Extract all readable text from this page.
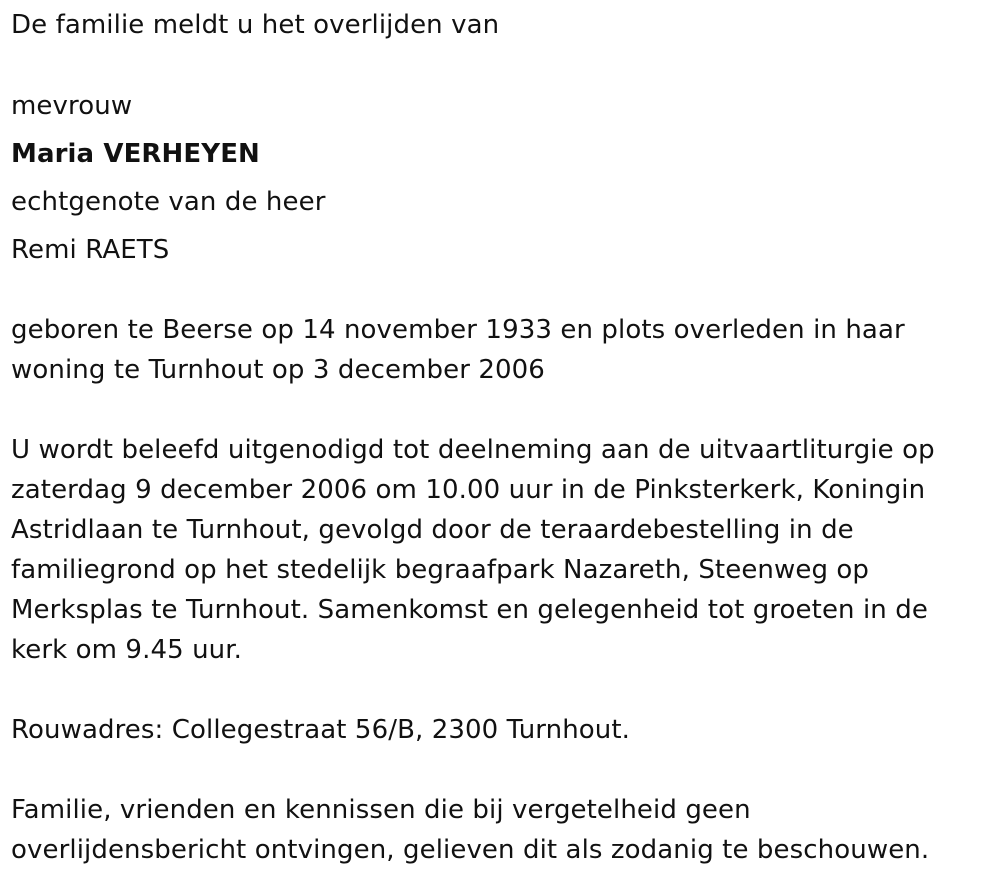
De familie meldt u het overlijden van
mevrouw
Maria VERHEYEN
echtgenote van de heer
Remi RAETS
geboren te Beerse op 14 november 1933 en plots overleden in haar
woning te Turnhout op 3 december 2006
U wordt beleefd uitgenodigd tot deelneming aan de uitvaartliturgie op
zaterdag 9 december 2006 om 10.00 uur in de Pinksterkerk, Koningin
Astridlaan te Turnhout, gevolgd door de teraardebestelling in de
familiegrond op het stedelijk begraafpark Nazareth, Steenweg op
Merksplas te Turnhout. Samenkomst en gelegenheid tot groeten in de
kerk om 9.45 uur.
Rouwadres: Collegestraat 56/B, 2300 Turnhout.
Familie, vrienden en kennissen die bij vergetelheid geen
overlijdensbericht ontvingen, gelieven dit als zodanig te beschouwen.
